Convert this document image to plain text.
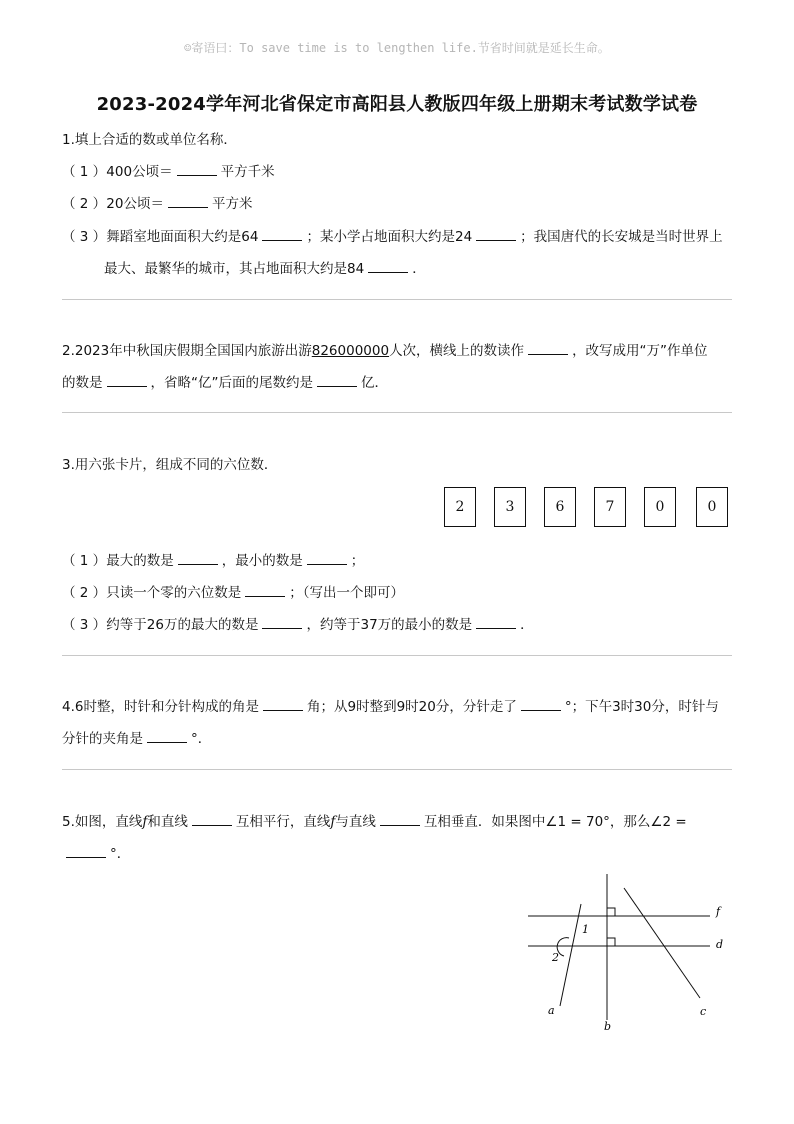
☺寄语曰：To save time is to lengthen life.节省时间就是延长生命。
2023-2024学年河北省保定市高阳县人教版四年级上册期末考试数学试卷
1.填上合适的数或单位名称．
（ 1 ） 400公顷＝	平方千米
（ 2 ） 20公顷＝	平方米
（ 3 ） 舞蹈室地面面积大约是64	；某小学占地面积大约是24	；我国唐代的长安城是当时世界上
最大、最繁华的城市，其占地面积大约是84	．
2.2023年中秋国庆假期全国国内旅游出游826000000人次，横线上的数读作	，改写成用“万”作单位
的数是	，省略“亿”后面的尾数约是	亿．
3.用六张卡片，组成不同的六位数．
2	3	6	7	0	0
（ 1 ） 最大的数是	，最小的数是	；
（ 2 ） 只读一个零的六位数是	；（写出一个即可）
（ 3 ） 约等于26万的最大的数是	，约等于37万的最小的数是	．
4.6时整，时针和分针构成的角是	角；从9时整到9时20分，分针走了	°；下午3时30分，时针与
分针的夹角是	°．
5.如图，直线f和直线	互相平行，直线f与直线	互相垂直．如果图中∠1 = 70°，那么∠2 =
°．
1
2
f
d
a
b
c
